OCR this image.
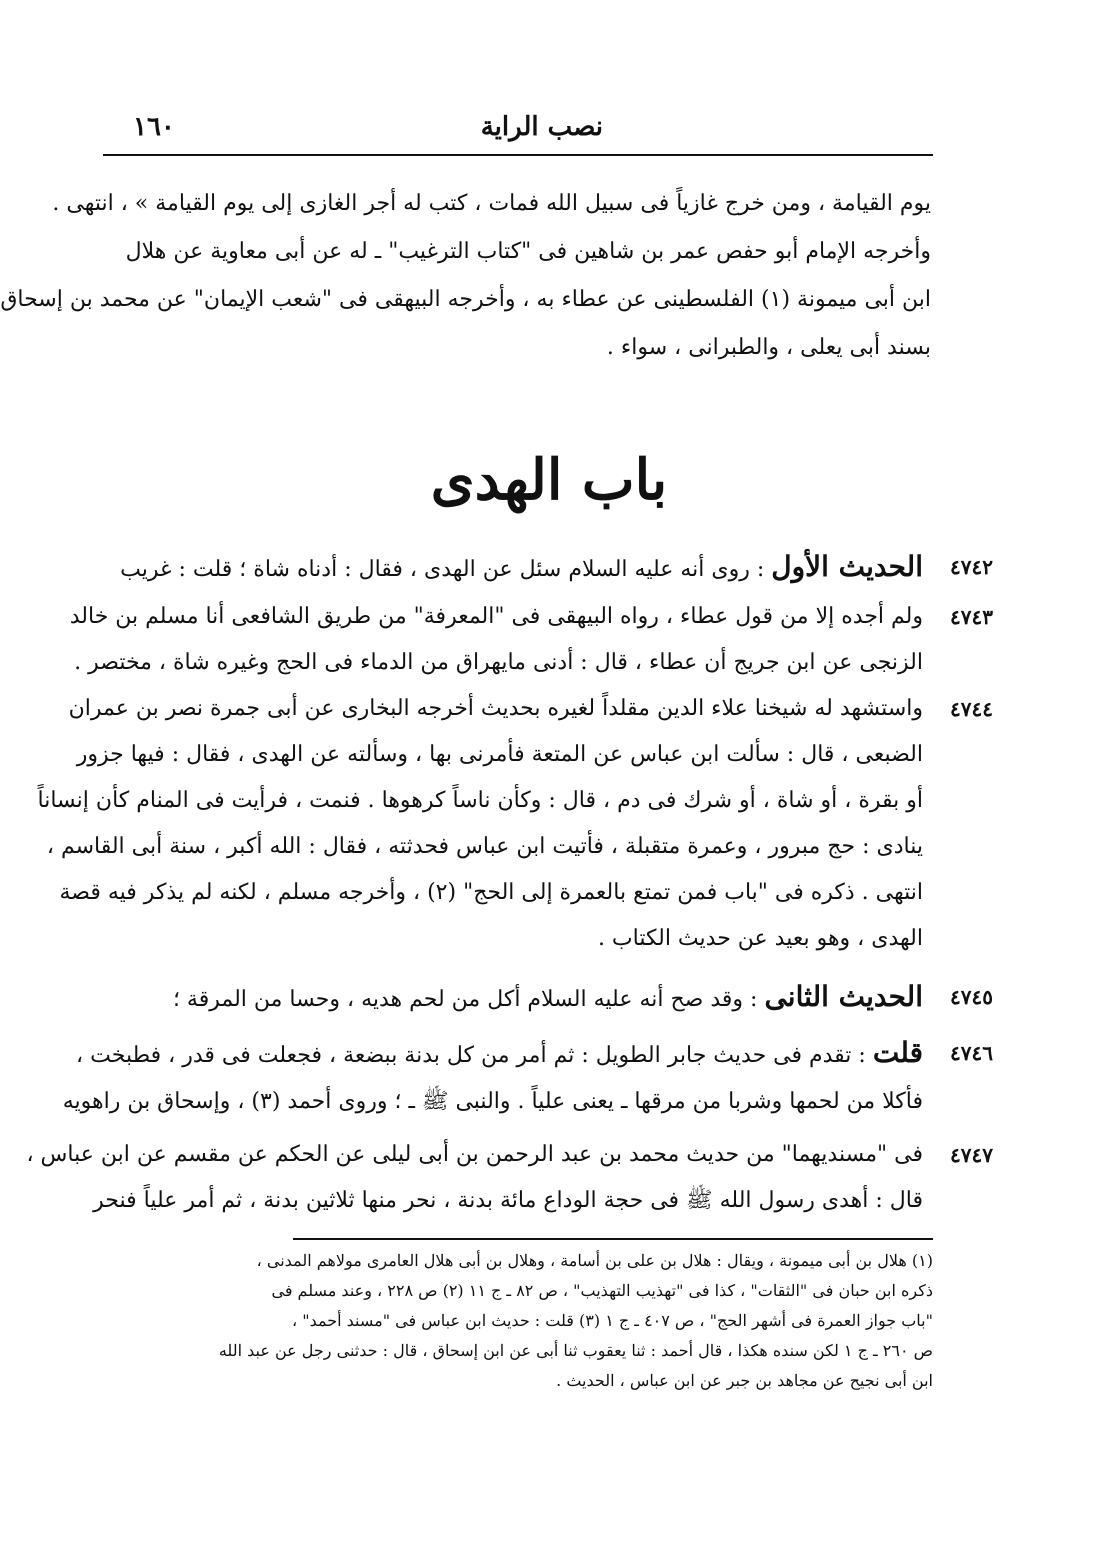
نصب الراية
١٦٠
يوم القيامة ، ومن خرج غازياً فى سبيل الله فمات ، كتب له أجر الغازى إلى يوم القيامة » ، انتهى .
وأخرجه الإمام أبو حفص عمر بن شاهين فى "كتاب الترغيب" ـ له عن أبى معاوية عن هلال
ابن أبى ميمونة (١) الفلسطينى عن عطاء به ، وأخرجه البيهقى فى "شعب الإيمان" عن محمد بن إسحاق
بسند أبى يعلى ، والطبرانى ، سواء .
باب الهدى
٤٧٤٢
الحديث الأول : روى أنه عليه السلام سئل عن الهدى ، فقال : أدناه شاة ؛ قلت : غريب
٤٧٤٣
ولم أجده إلا من قول عطاء ، رواه البيهقى فى "المعرفة" من طريق الشافعى أنا مسلم بن خالد
الزنجى عن ابن جريج أن عطاء ، قال : أدنى مايهراق من الدماء فى الحج وغيره شاة ، مختصر .
٤٧٤٤
واستشهد له شيخنا علاء الدين مقلداً لغيره بحديث أخرجه البخارى عن أبى جمرة نصر بن عمران
الضبعى ، قال : سألت ابن عباس عن المتعة فأمرنى بها ، وسألته عن الهدى ، فقال : فيها جزور
أو بقرة ، أو شاة ، أو شرك فى دم ، قال : وكأن ناساً كرهوها . فنمت ، فرأيت فى المنام كأن إنساناً
ينادى : حج مبرور ، وعمرة متقبلة ، فأتيت ابن عباس فحدثته ، فقال : الله أكبر ، سنة أبى القاسم ،
انتهى . ذكره فى "باب فمن تمتع بالعمرة إلى الحج" (٢) ، وأخرجه مسلم ، لكنه لم يذكر فيه قصة
الهدى ، وهو بعيد عن حديث الكتاب .
٤٧٤٥
الحديث الثانى : وقد صح أنه عليه السلام أكل من لحم هديه ، وحسا من المرقة ؛
٤٧٤٦
قلت : تقدم فى حديث جابر الطويل : ثم أمر من كل بدنة ببضعة ، فجعلت فى قدر ، فطبخت ،
فأكلا من لحمها وشربا من مرقها ـ يعنى علياً . والنبى ﷺ ـ ؛ وروى أحمد (٣) ، وإسحاق بن راهويه
٤٧٤٧
فى "مسنديهما" من حديث محمد بن عبد الرحمن بن أبى ليلى عن الحكم عن مقسم عن ابن عباس ،
قال : أهدى رسول الله ﷺ فى حجة الوداع مائة بدنة ، نحر منها ثلاثين بدنة ، ثم أمر علياً فنحر
(١) هلال بن أبى ميمونة ، ويقال : هلال بن على بن أسامة ، وهلال بن أبى هلال العامرى مولاهم المدنى ،
ذكره ابن حبان فى "الثقات" ، كذا فى "تهذيب التهذيب" ، ص ٨٢ ـ ج ١١ (٢) ص ٢٢٨ ، وعند مسلم فى
"باب جواز العمرة فى أشهر الحج" ، ص ٤٠٧ ـ ج ١ (٣) قلت : حديث ابن عباس فى "مسند أحمد" ،
ص ٢٦٠ ـ ج ١ لكن سنده هكذا ، قال أحمد : ثنا يعقوب ثنا أبى عن ابن إسحاق ، قال : حدثنى رجل عن عبد الله
ابن أبى نجيح عن مجاهد بن جبر عن ابن عباس ، الحديث .
